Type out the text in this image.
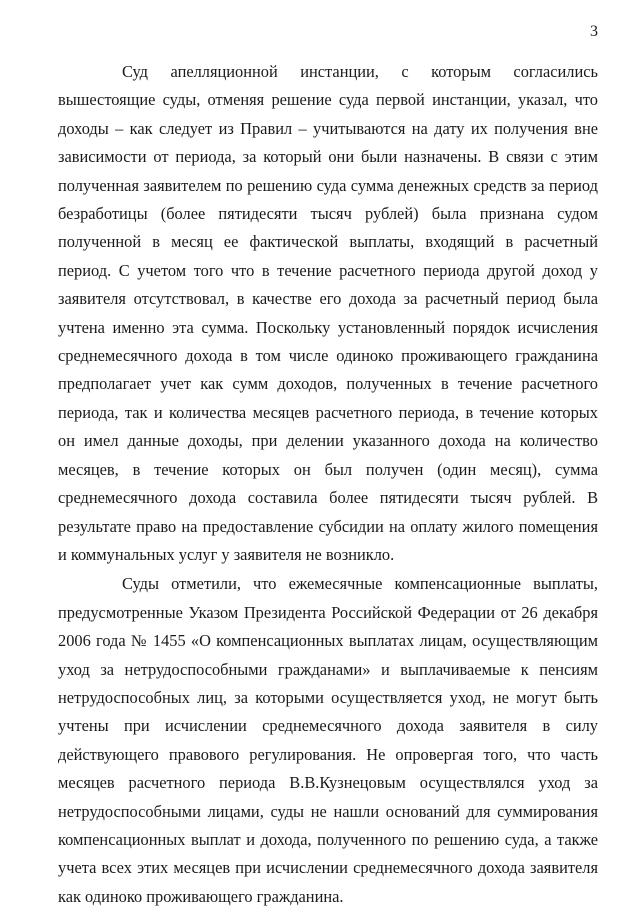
3

Суд апелляционной инстанции, с которым согласились вышестоящие суды, отменяя решение суда первой инстанции, указал, что доходы – как следует из Правил – учитываются на дату их получения вне зависимости от периода, за который они были назначены. В связи с этим полученная заявителем по решению суда сумма денежных средств за период безработицы (более пятидесяти тысяч рублей) была признана судом полученной в месяц ее фактической выплаты, входящий в расчетный период. С учетом того что в течение расчетного периода другой доход у заявителя отсутствовал, в качестве его дохода за расчетный период была учтена именно эта сумма. Поскольку установленный порядок исчисления среднемесячного дохода в том числе одиноко проживающего гражданина предполагает учет как сумм доходов, полученных в течение расчетного периода, так и количества месяцев расчетного периода, в течение которых он имел данные доходы, при делении указанного дохода на количество месяцев, в течение которых он был получен (один месяц), сумма среднемесячного дохода составила более пятидесяти тысяч рублей. В результате право на предоставление субсидии на оплату жилого помещения и коммунальных услуг у заявителя не возникло.

Суды отметили, что ежемесячные компенсационные выплаты, предусмотренные Указом Президента Российской Федерации от 26 декабря 2006 года № 1455 «О компенсационных выплатах лицам, осуществляющим уход за нетрудоспособными гражданами» и выплачиваемые к пенсиям нетрудоспособных лиц, за которыми осуществляется уход, не могут быть учтены при исчислении среднемесячного дохода заявителя в силу действующего правового регулирования. Не опровергая того, что часть месяцев расчетного периода В.В.Кузнецовым осуществлялся уход за нетрудоспособными лицами, суды не нашли оснований для суммирования компенсационных выплат и дохода, полученного по решению суда, а также учета всех этих месяцев при исчислении среднемесячного дохода заявителя как одиноко проживающего гражданина.
